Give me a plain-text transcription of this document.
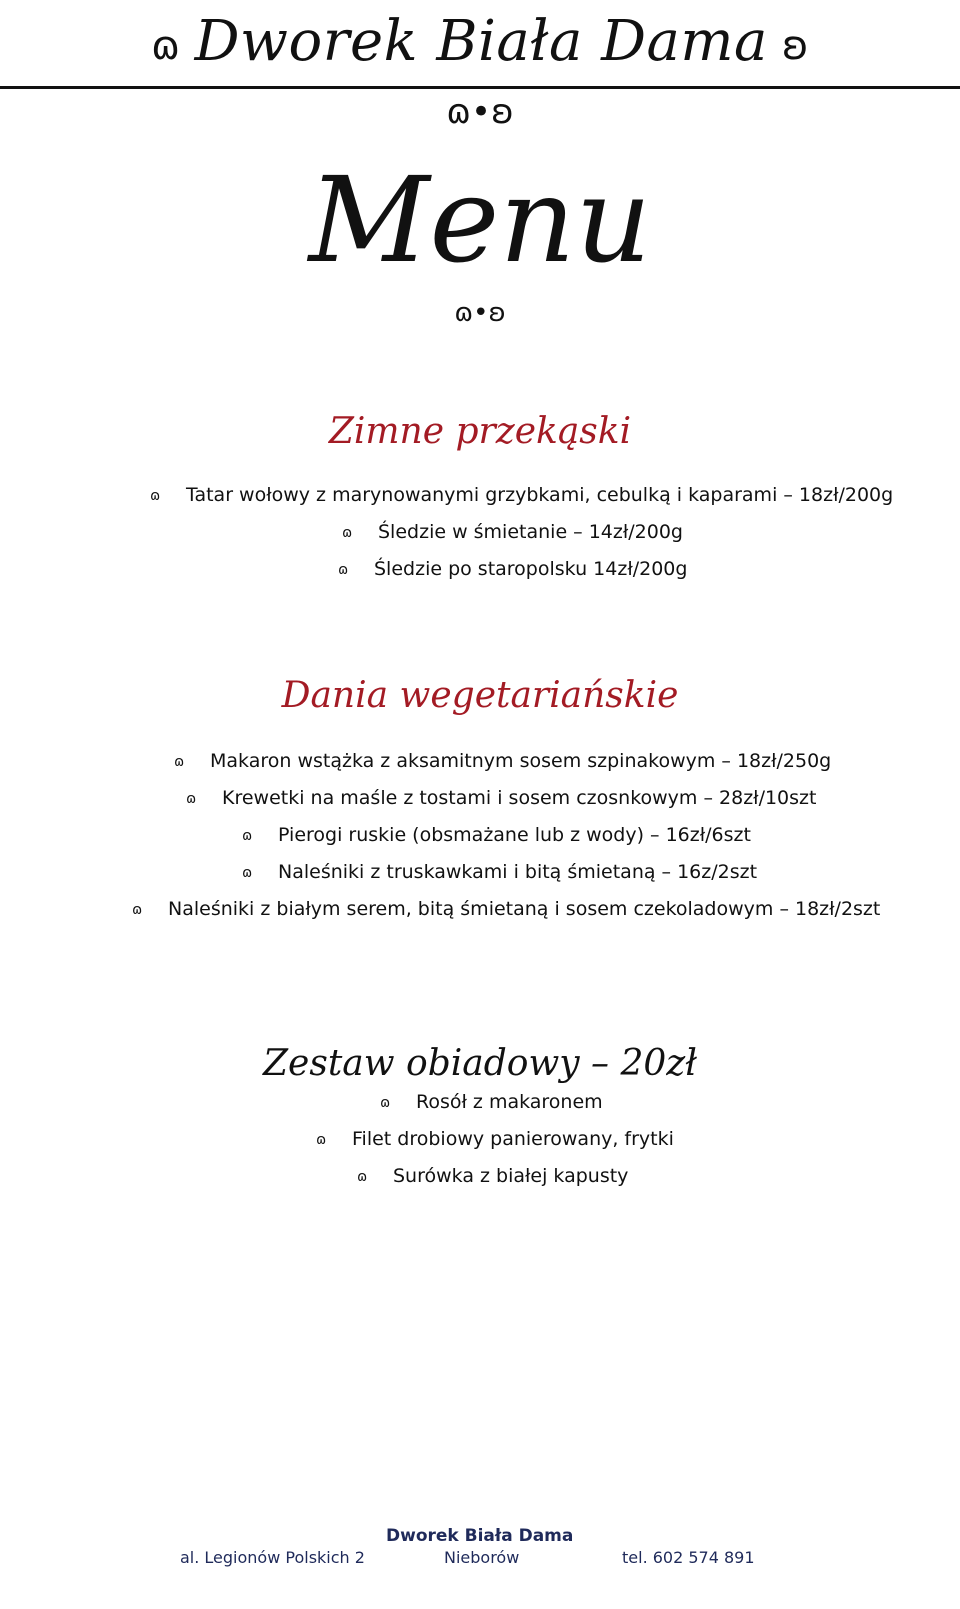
ɷ Dworek Biała Dama ʚ
ɷ•ʚ
Menu
ɷ•ʚ
Zimne przekąski
ɷ Tatar wołowy z marynowanymi grzybkami, cebulką i kaparami – 18zł/200g
ɷ Śledzie w śmietanie – 14zł/200g
ɷ Śledzie po staropolsku 14zł/200g
Dania wegetariańskie
ɷ Makaron wstążka z aksamitnym sosem szpinakowym – 18zł/250g
ɷ Krewetki na maśle z tostami i sosem czosnkowym – 28zł/10szt
ɷ Pierogi ruskie (obsmażane lub z wody) – 16zł/6szt
ɷ Naleśniki z truskawkami i bitą śmietaną – 16z/2szt
ɷ Naleśniki z białym serem, bitą śmietaną i sosem czekoladowym – 18zł/2szt
Zestaw obiadowy – 20zł
ɷ Rosół z makaronem
ɷ Filet drobiowy panierowany, frytki
ɷ Surówka z białej kapusty
Dworek Biała Dama
al. Legionów Polskich 2	Nieborów	tel. 602 574 891
